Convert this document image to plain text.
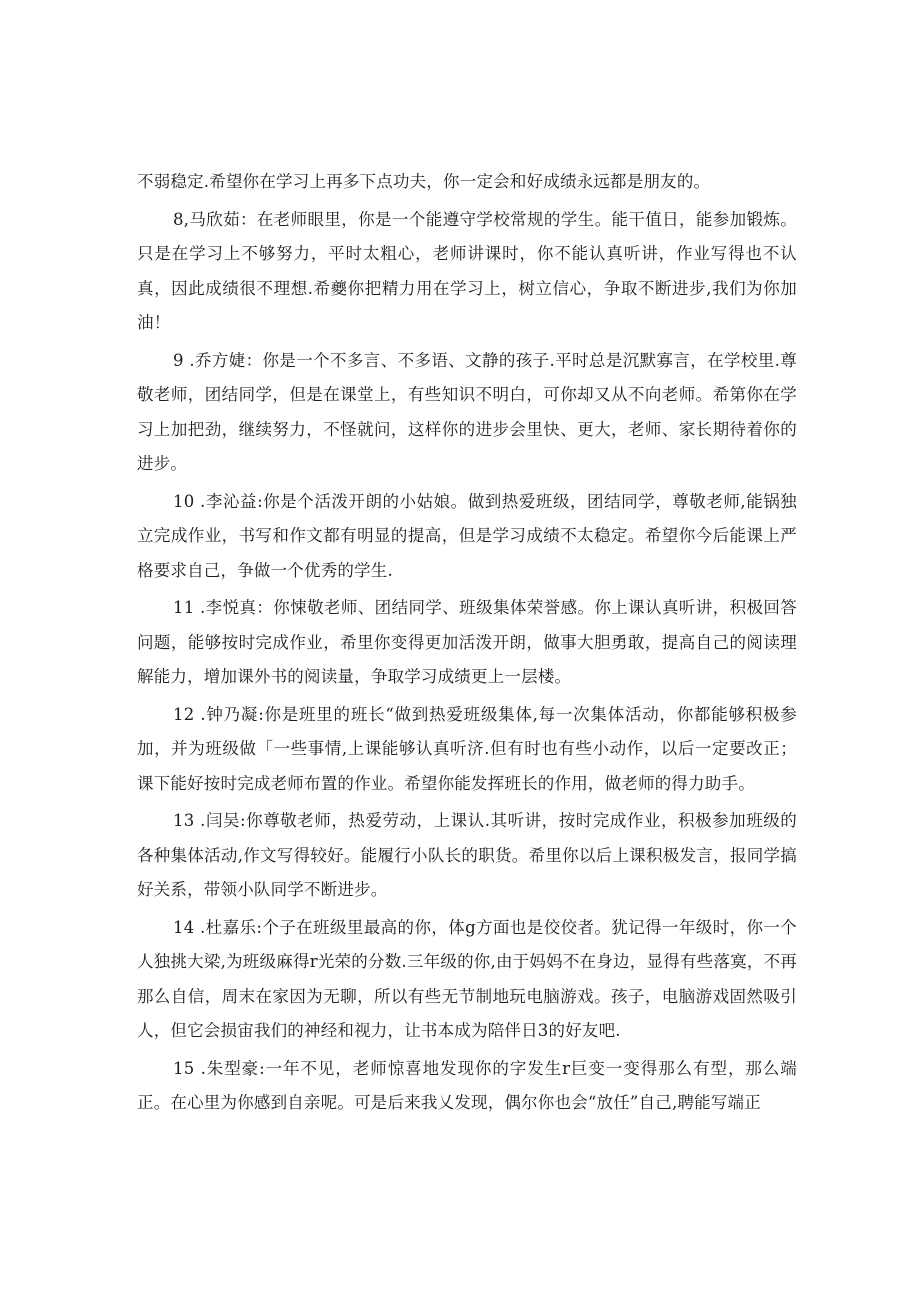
不弱稳定.希望你在学习上再多下点功夫，你一定会和好成绩永远都是朋友的。

8,马欣茹：在老师眼里，你是一个能遵守学校常规的学生。能干值日，能参加锻炼。只是在学习上不够努力，平时太粗心，老师讲课时，你不能认真听讲，作业写得也不认真，因此成绩很不理想.希夔你把精力用在学习上，树立信心，争取不断进步,我们为你加油！

9 .乔方婕：你是一个不多言、不多语、文静的孩子.平时总是沉默寡言，在学校里.尊敬老师，团结同学，但是在课堂上，有些知识不明白，可你却又从不向老师。希第你在学习上加把劲，继续努力，不怪就问，这样你的进步会里快、更大，老师、家长期待着你的进步。

10 .李沁益:你是个活泼开朗的小姑娘。做到热爱班级，团结同学，尊敬老师,能锅独立完成作业，书写和作文都有明显的提高，但是学习成绩不太稳定。希望你今后能课上严格要求自己，争做一个优秀的学生.

11 .李悦真：你悚敬老师、团结同学、班级集体荣誉感。你上课认真听讲，积极回答问题，能够按时完成作业，希里你变得更加活泼开朗，做事大胆勇敢，提高自己的阅读理解能力，增加课外书的阅读量，争取学习成绩更上一层楼。

12 .钟乃凝:你是班里的班长“做到热爱班级集体,每一次集体活动，你都能够积极参加，并为班级做「一些事情,上课能够认真听济.但有时也有些小动作，以后一定要改正；课下能好按时完成老师布置的作业。希望你能发挥班长的作用，做老师的得力助手。

13 .闫吴:你尊敬老师，热爱劳动，上课认.其听讲，按时完成作业，积极参加班级的各种集体活动,作文写得较好。能履行小队长的职货。希里你以后上课积极发言，报同学搞好关系，带领小队同学不断进步。

14 .杜嘉乐:个子在班级里最高的你，体g方面也是佼佼者。犹记得一年级时，你一个人独挑大梁,为班级麻得r光荣的分数.三年级的你,由于妈妈不在身边，显得有些落寞，不再那么自信，周末在家因为无聊，所以有些无节制地玩电脑游戏。孩子，电脑游戏固然吸引人，但它会损宙我们的神经和视力，让书本成为陪伴日3的好友吧.

15 .朱型豪:一年不见，老师惊喜地发现你的字发生r巨变一变得那么有型，那么端正。在心里为你感到自亲呢。可是后来我乂发现，偶尔你也会“放任”自己,聘能写端正
